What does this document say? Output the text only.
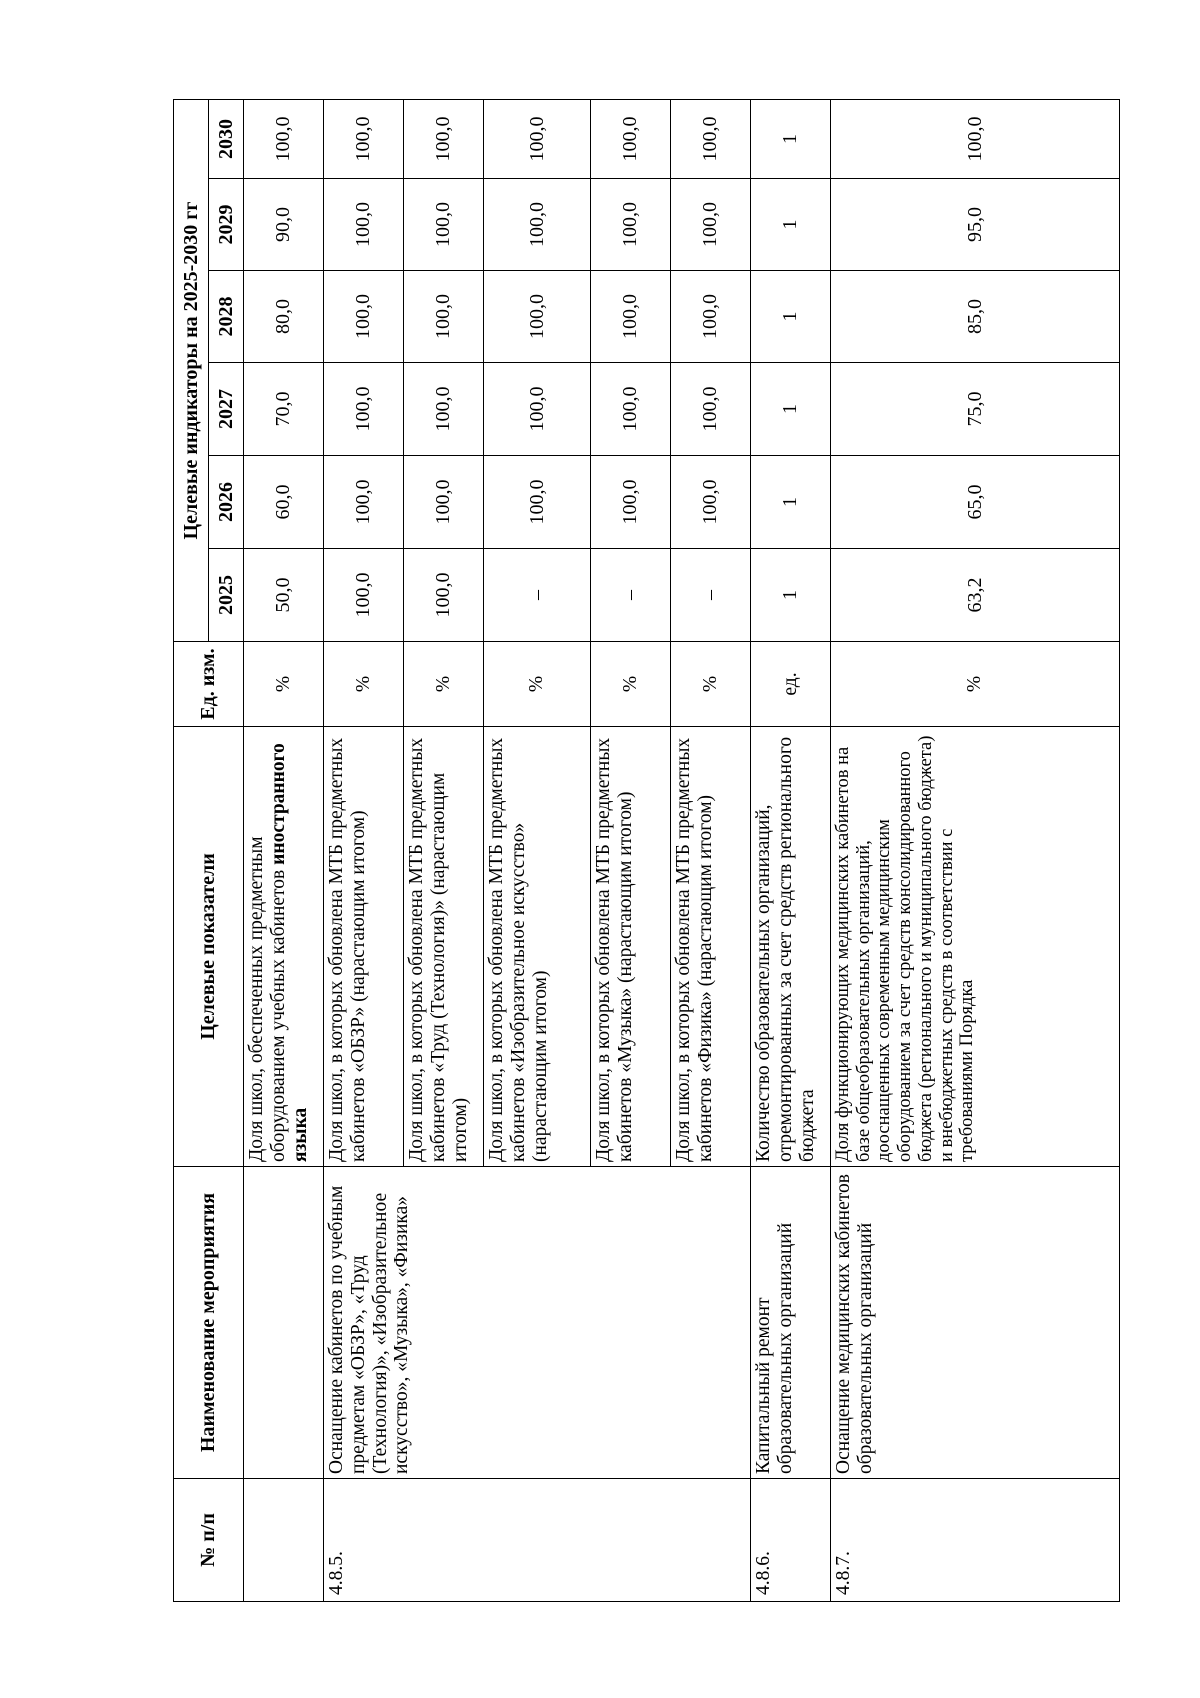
№ п/п	Наименование мероприятия	Целевые показатели	Ед. изм.	Целевые индикаторы на 2025-2030 гг					
				2025	2026	2027	2028	2029	2030
		Доля школ, обеспеченных предметным оборудованием учебных кабинетов иностранного языка	%	50,0	60,0	70,0	80,0	90,0	100,0
4.8.5.	Оснащение кабинетов по учебным предметам «ОБЗР», «Труд (Технология)», «Изобразительное искусство», «Музыка», «Физика»	Доля школ, в которых обновлена МТБ предметных кабинетов «ОБЗР» (нарастающим итогом)	%	100,0	100,0	100,0	100,0	100,0	100,0
		Доля школ, в которых обновлена МТБ предметных кабинетов «Труд (Технология)» (нарастающим итогом)	%	100,0	100,0	100,0	100,0	100,0	100,0
		Доля школ, в которых обновлена МТБ предметных кабинетов «Изобразительное искусство» (нарастающим итогом)	%	–	100,0	100,0	100,0	100,0	100,0
		Доля школ, в которых обновлена МТБ предметных кабинетов «Музыка» (нарастающим итогом)	%	–	100,0	100,0	100,0	100,0	100,0
		Доля школ, в которых обновлена МТБ предметных кабинетов «Физика» (нарастающим итогом)	%	–	100,0	100,0	100,0	100,0	100,0
4.8.6.	Капитальный ремонт образовательных организаций	Количество образовательных организаций, отремонтированных за счет средств регионального бюджета	ед.	1	1	1	1	1	1
4.8.7.	Оснащение медицинских кабинетов образовательных организаций	Доля функционирующих медицинских кабинетов на базе общеобразовательных организаций, дооснащенных современным медицинским оборудованием за счет средств консолидированного бюджета (регионального и муниципального бюджета) и внебюджетных средств в соответствии с требованиями Порядка	%	63,2	65,0	75,0	85,0	95,0	100,0
